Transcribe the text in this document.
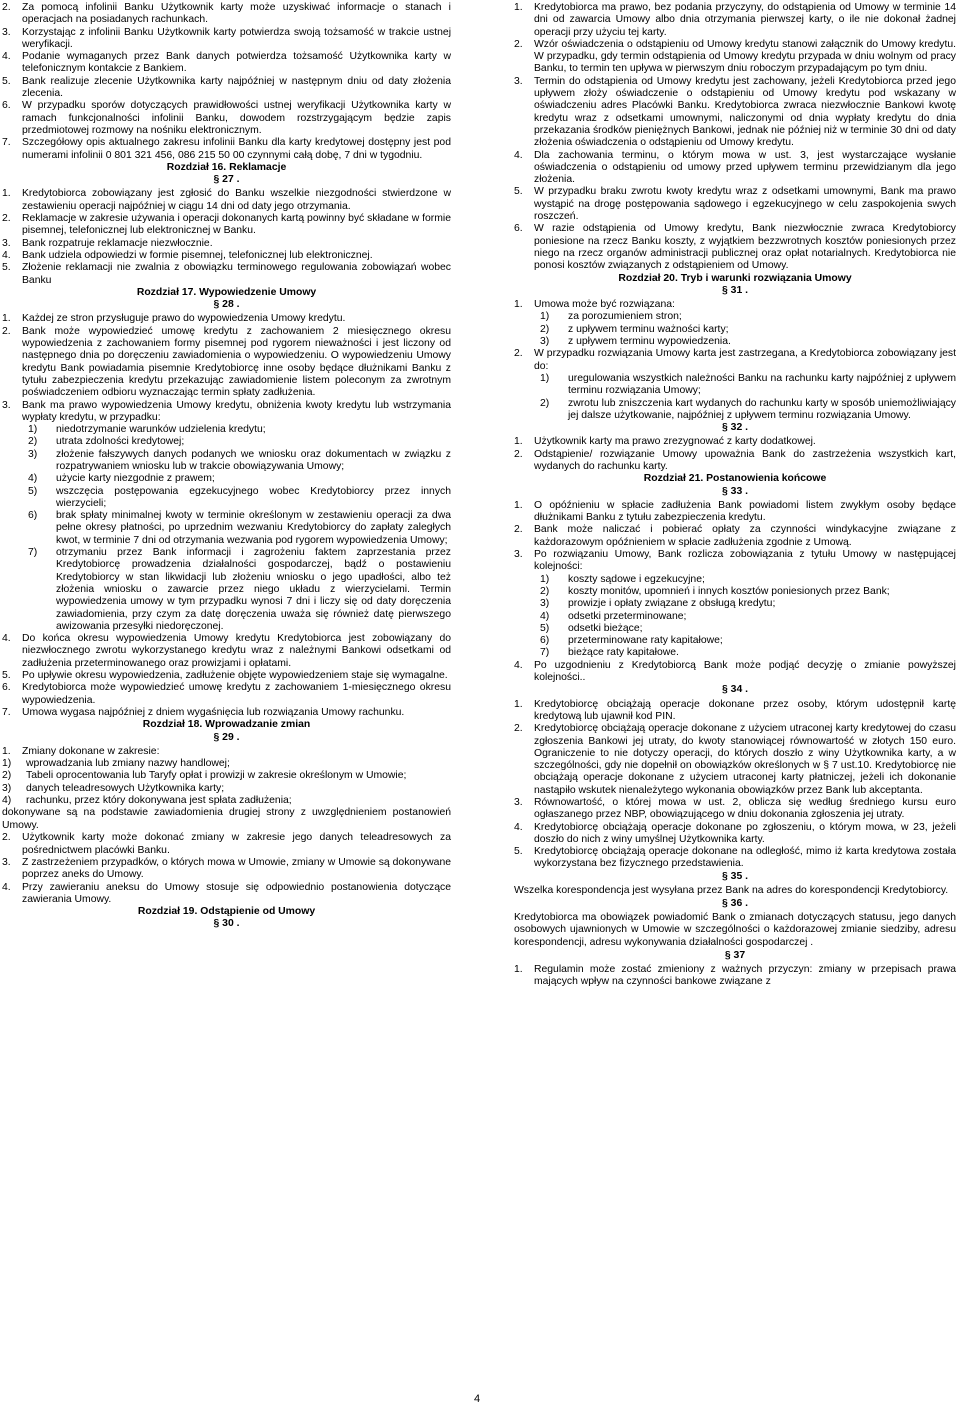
2.	Za pomocą infolinii Banku Użytkownik karty może uzyskiwać informacje o stanach i operacjach na posiadanych rachunkach.
3.	Korzystając z infolinii Banku Użytkownik karty potwierdza swoją tożsamość w trakcie ustnej weryfikacji.
4.	Podanie wymaganych przez Bank danych potwierdza tożsamość Użytkownika karty w telefonicznym kontakcie z Bankiem.
5.	Bank realizuje zlecenie Użytkownika karty najpóźniej w następnym dniu od daty złożenia zlecenia.
6.	W przypadku sporów dotyczących prawidłowości ustnej weryfikacji Użytkownika karty w ramach funkcjonalności infolinii Banku, dowodem rozstrzygającym będzie zapis przedmiotowej rozmowy na nośniku elektronicznym.
7.	Szczegółowy opis aktualnego zakresu infolinii Banku dla karty kredytowej dostępny jest pod numerami infolinii 0 801 321 456, 086 215 50 00 czynnymi całą dobę, 7 dni w tygodniu.
Rozdział 16. Reklamacje
§ 27 .
1.	Kredytobiorca zobowiązany jest zgłosić do Banku wszelkie niezgodności stwierdzone w zestawieniu operacji najpóźniej w ciągu 14 dni od daty jego otrzymania.
2.	Reklamacje w zakresie używania i operacji dokonanych kartą powinny być składane w formie pisemnej, telefonicznej lub elektronicznej w Banku.
3.	Bank rozpatruje reklamacje niezwłocznie.
4.	Bank udziela odpowiedzi w formie pisemnej, telefonicznej lub elektronicznej.
5.	Złożenie reklamacji nie zwalnia z obowiązku terminowego regulowania zobowiązań wobec Banku
Rozdział 17. Wypowiedzenie Umowy
§ 28 .
1.	Każdej ze stron przysługuje prawo do wypowiedzenia Umowy kredytu.
2.	Bank może wypowiedzieć umowę kredytu z zachowaniem 2 miesięcznego okresu wypowiedzenia z zachowaniem formy pisemnej pod rygorem nieważności i jest liczony od następnego dnia po doręczeniu zawiadomienia o wypowiedzeniu. O wypowiedzeniu Umowy kredytu Bank powiadamia pisemnie Kredytobiorcę inne osoby będące dłużnikami Banku z tytułu zabezpieczenia kredytu przekazując zawiadomienie listem poleconym za zwrotnym poświadczeniem odbioru wyznaczając termin spłaty zadłużenia.
3.	Bank ma prawo wypowiedzenia Umowy kredytu, obniżenia kwoty kredytu lub wstrzymania wypłaty kredytu, w przypadku:
1)	niedotrzymanie warunków udzielenia kredytu;
2)	utrata zdolności kredytowej;
3)	złożenie fałszywych danych podanych we wniosku oraz dokumentach w związku z rozpatrywaniem wniosku lub w trakcie obowiązywania Umowy;
4)	użycie karty niezgodnie z prawem;
5)	wszczęcia postępowania egzekucyjnego wobec Kredytobiorcy przez innych wierzycieli;
6)	brak spłaty minimalnej kwoty w terminie określonym w zestawieniu operacji za dwa pełne okresy płatności, po uprzednim wezwaniu Kredytobiorcy do zapłaty zaległych kwot, w terminie 7 dni od otrzymania wezwania pod rygorem wypowiedzenia Umowy;
7)	otrzymaniu przez Bank informacji i zagrożeniu faktem zaprzestania przez Kredytobiorcę prowadzenia działalności gospodarczej, bądź o postawieniu Kredytobiorcy w stan likwidacji lub złożeniu wniosku o jego upadłości, albo też złożenia wniosku o zawarcie przez niego układu z wierzycielami. Termin wypowiedzenia umowy w tym przypadku wynosi 7 dni i liczy się od daty doręczenia zawiadomienia, przy czym za datę doręczenia uważa się również datę pierwszego awizowania przesyłki niedoręczonej.
4.	Do końca okresu wypowiedzenia Umowy kredytu Kredytobiorca jest zobowiązany do niezwłocznego zwrotu wykorzystanego kredytu wraz z należnymi Bankowi odsetkami od zadłużenia przeterminowanego oraz prowizjami i opłatami.
5.	Po upływie okresu wypowiedzenia, zadłużenie objęte wypowiedzeniem staje się wymagalne.
6.	Kredytobiorca może wypowiedzieć umowę kredytu z zachowaniem 1-miesięcznego okresu wypowiedzenia.
7.	Umowa wygasa najpóźniej z dniem wygaśnięcia lub rozwiązania Umowy rachunku.
Rozdział 18. Wprowadzanie zmian
§ 29 .
1.	Zmiany dokonane w zakresie:
1)	wprowadzania lub zmiany nazwy handlowej;
2)	Tabeli oprocentowania lub Taryfy opłat i prowizji w zakresie określonym w Umowie;
3)	danych teleadresowych Użytkownika karty;
4)	rachunku, przez który dokonywana jest spłata zadłużenia;
dokonywane są na podstawie zawiadomienia drugiej strony z uwzględnieniem postanowień Umowy.
2.	Użytkownik karty może dokonać zmiany w zakresie jego danych teleadresowych za pośrednictwem placówki Banku.
3.	Z zastrzeżeniem przypadków, o których mowa w Umowie, zmiany w Umowie są dokonywane poprzez aneks do Umowy.
4.	Przy zawieraniu aneksu do Umowy stosuje się odpowiednio postanowienia dotyczące zawierania Umowy.
Rozdział 19. Odstąpienie od Umowy
§ 30 .
1.	Kredytobiorca ma prawo, bez podania przyczyny, do odstąpienia od Umowy w terminie 14 dni od zawarcia Umowy albo dnia otrzymania pierwszej karty, o ile nie dokonał żadnej operacji przy użyciu tej karty.
2.	Wzór oświadczenia o odstąpieniu od Umowy kredytu stanowi załącznik do Umowy kredytu. W przypadku, gdy termin odstąpienia od Umowy kredytu przypada w dniu wolnym od pracy Banku, to termin ten upływa w pierwszym dniu roboczym przypadającym po tym dniu.
3.	Termin do odstąpienia od Umowy kredytu jest zachowany, jeżeli Kredytobiorca przed jego upływem złoży oświadczenie o odstąpieniu od Umowy kredytu pod wskazany w oświadczeniu adres Placówki Banku. Kredytobiorca zwraca niezwłocznie Bankowi kwotę kredytu wraz z odsetkami umownymi, naliczonymi od dnia wypłaty kredytu do dnia przekazania środków pieniężnych Bankowi, jednak nie później niż w terminie 30 dni od daty złożenia oświadczenia o odstąpieniu od Umowy kredytu.
4.	Dla zachowania terminu, o którym mowa w ust. 3, jest wystarczające wysłanie oświadczenia o odstąpieniu od umowy przed upływem terminu przewidzianym dla jego złożenia.
5.	W przypadku braku zwrotu kwoty kredytu wraz z odsetkami umownymi, Bank ma prawo wystąpić na drogę postępowania sądowego i egzekucyjnego w celu zaspokojenia swych roszczeń.
6.	W razie odstąpienia od Umowy kredytu, Bank niezwłocznie zwraca Kredytobiorcy poniesione na rzecz Banku koszty, z wyjątkiem bezzwrotnych kosztów poniesionych przez niego na rzecz organów administracji publicznej oraz opłat notarialnych. Kredytobiorca nie ponosi kosztów związanych z odstąpieniem od Umowy.
Rozdział 20. Tryb i warunki rozwiązania Umowy
§ 31 .
1.	Umowa może być rozwiązana:
1)	za porozumieniem stron;
2)	z upływem terminu ważności karty;
3)	z upływem terminu wypowiedzenia.
2.	W przypadku rozwiązania Umowy karta jest zastrzegana, a Kredytobiorca zobowiązany jest do:
1)	uregulowania wszystkich należności Banku na rachunku karty najpóźniej z upływem terminu rozwiązania Umowy;
2)	zwrotu lub zniszczenia kart wydanych do rachunku karty w sposób uniemożliwiający jej dalsze użytkowanie, najpóźniej z upływem terminu rozwiązania Umowy.
§ 32 .
1.	Użytkownik karty ma prawo zrezygnować z karty dodatkowej.
2.	Odstąpienie/ rozwiązanie Umowy upoważnia Bank do zastrzeżenia wszystkich kart, wydanych do rachunku karty.
Rozdział 21. Postanowienia końcowe
§ 33 .
1.	O opóźnieniu w spłacie zadłużenia Bank powiadomi listem zwykłym osoby będące dłużnikami Banku z tytułu zabezpieczenia kredytu.
2.	Bank może naliczać i pobierać opłaty za czynności windykacyjne związane z każdorazowym opóźnieniem w spłacie zadłużenia zgodnie z Umową.
3.	Po rozwiązaniu Umowy, Bank rozlicza zobowiązania z tytułu Umowy w następującej kolejności:
1)	koszty sądowe i egzekucyjne;
2)	koszty monitów, upomnień i innych kosztów poniesionych przez Bank;
3)	prowizje i opłaty związane z obsługą kredytu;
4)	odsetki przeterminowane;
5)	odsetki bieżące;
6)	przeterminowane raty kapitałowe;
7)	bieżące raty kapitałowe.
4.	Po uzgodnieniu z Kredytobiorcą Bank może podjąć decyzję o zmianie powyższej kolejności..
§ 34 .
1.	Kredytobiorcę obciążają operacje dokonane przez osoby, którym udostępnił kartę kredytową lub ujawnił kod PIN.
2.	Kredytobiorcę obciążają operacje dokonane z użyciem utraconej karty kredytowej do czasu zgłoszenia Bankowi jej utraty, do kwoty stanowiącej równowartość w złotych 150 euro. Ograniczenie to nie dotyczy operacji, do których doszło z winy Użytkownika karty, a w szczególności, gdy nie dopełnił on obowiązków określonych w § 7 ust.10. Kredytobiorcę nie obciążają operacje dokonane z użyciem utraconej karty płatniczej, jeżeli ich dokonanie nastąpiło wskutek nienależytego wykonania obowiązków przez Bank lub akceptanta.
3.	Równowartość, o której mowa w ust. 2, oblicza się według średniego kursu euro ogłaszanego przez NBP, obowiązującego w dniu dokonania zgłoszenia jej utraty.
4.	Kredytobiorcę obciążają operacje dokonane po zgłoszeniu, o którym mowa, w 23, jeżeli doszło do nich z winy umyślnej Użytkownika karty.
5.	Kredytobiorcę obciążają operacje dokonane na odległość, mimo iż karta kredytowa została wykorzystana bez fizycznego przedstawienia.
§ 35 .
Wszelka korespondencja jest wysyłana przez Bank na adres do korespondencji Kredytobiorcy.
§ 36 .
Kredytobiorca ma obowiązek powiadomić Bank o zmianach dotyczących statusu, jego danych osobowych ujawnionych w Umowie w szczególności o każdorazowej zmianie siedziby, adresu korespondencji, adresu wykonywania działalności gospodarczej .
§ 37
1.	Regulamin może zostać zmieniony z ważnych przyczyn: zmiany w przepisach prawa mających wpływ na czynności bankowe związane z
4
